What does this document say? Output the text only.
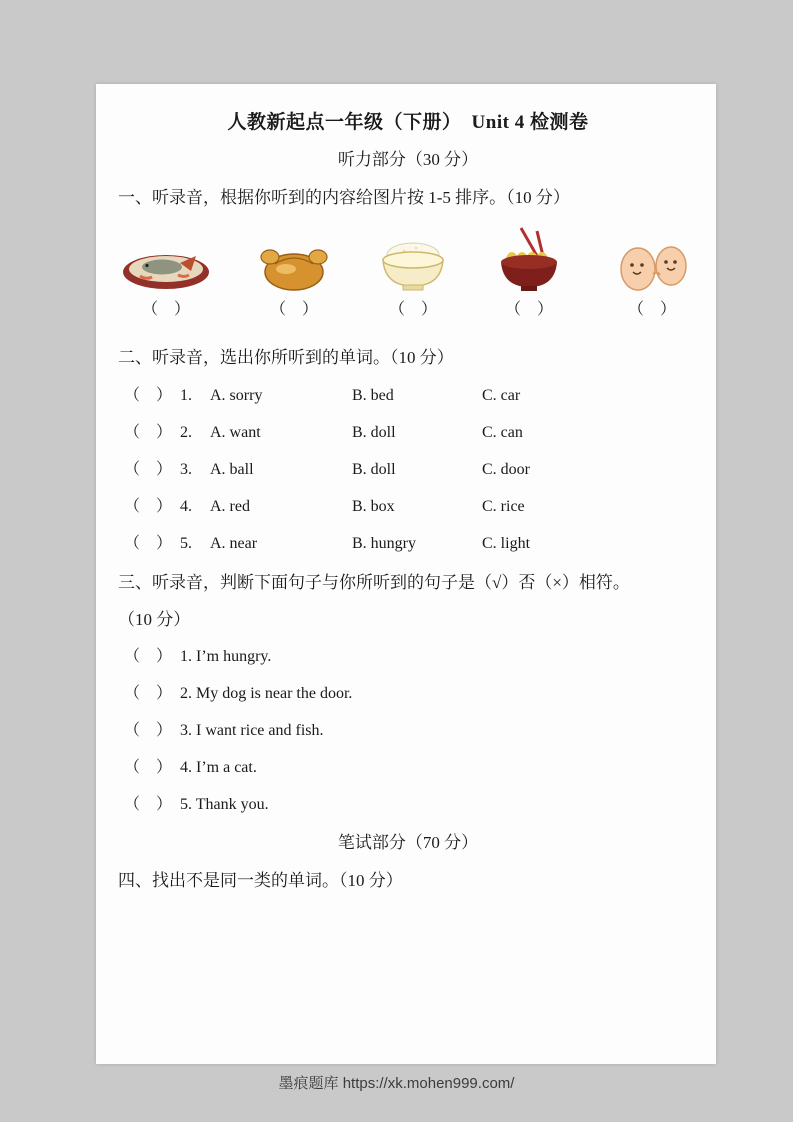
人教新起点一年级（下册）　Unit 4 检测卷
听力部分（30 分）
一、听录音，根据你听到的内容给图片按 1-5 排序。（10 分）
（　）	（　）	（　）	（　）	（　）
二、听录音，选出你所听到的单词。（10 分）
（　） 1.	A. sorry	B. bed	C. car
（　） 2.	A. want	B. doll	C. can
（　） 3.	A. ball	B. doll	C. door
（　） 4.	A. red	B. box	C. rice
（　） 5.	A. near	B. hungry	C. light
三、听录音，判断下面句子与你所听到的句子是（√）否（×）相符。
（10 分）
（　） 1. I’m hungry.
（　） 2. My dog is near the door.
（　） 3. I want rice and fish.
（　） 4. I’m a cat.
（　） 5. Thank you.
笔试部分（70 分）
四、找出不是同一类的单词。（10 分）
墨痕题库 https://xk.mohen999.com/
